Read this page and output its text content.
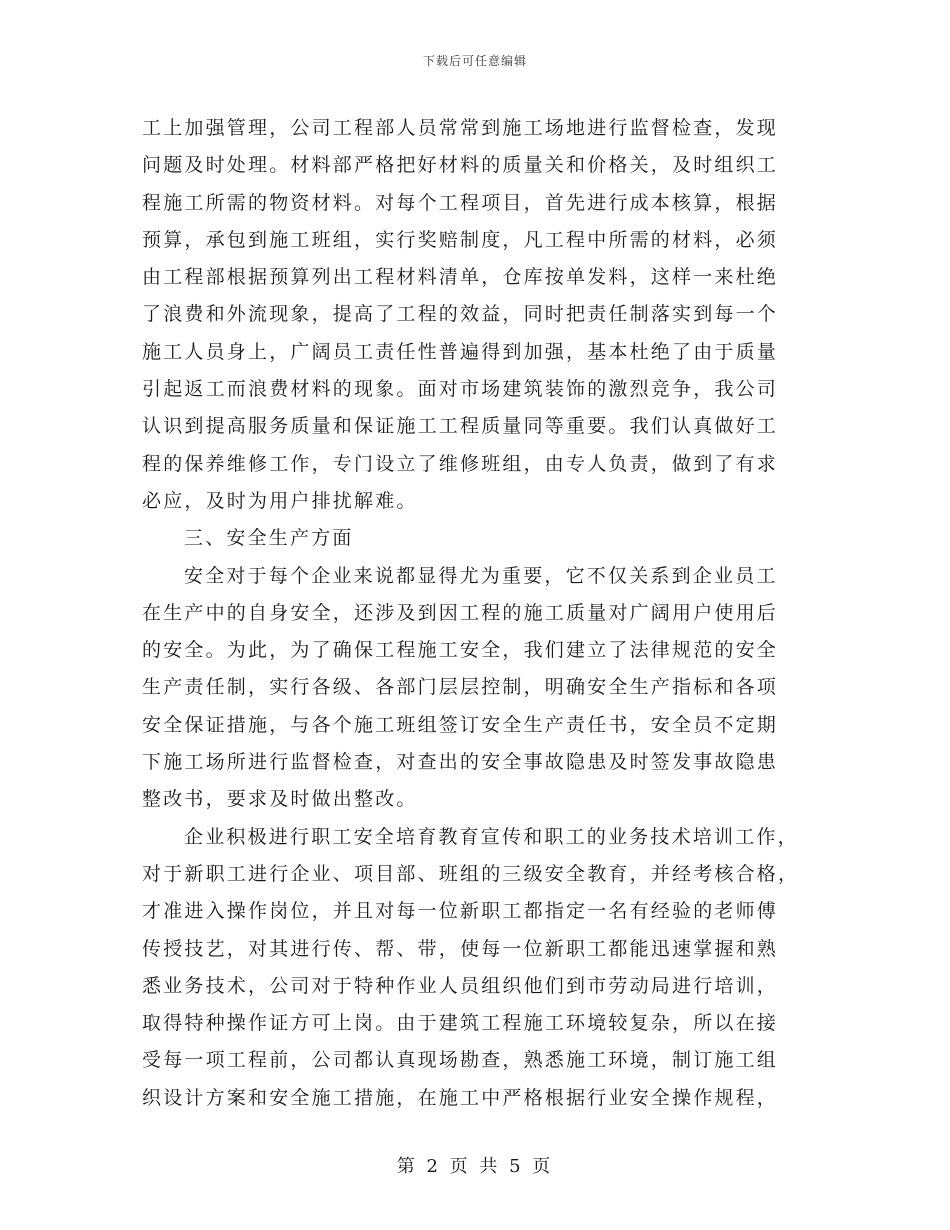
下载后可任意编辑
工上加强管理，公司工程部人员常常到施工场地进行监督检查，发现
问题及时处理。材料部严格把好材料的质量关和价格关，及时组织工
程施工所需的物资材料。对每个工程项目，首先进行成本核算，根据
预算，承包到施工班组，实行奖赔制度，凡工程中所需的材料，必须
由工程部根据预算列出工程材料清单，仓库按单发料，这样一来杜绝
了浪费和外流现象，提高了工程的效益，同时把责任制落实到每一个
施工人员身上，广阔员工责任性普遍得到加强，基本杜绝了由于质量
引起返工而浪费材料的现象。面对市场建筑装饰的激烈竞争，我公司
认识到提高服务质量和保证施工工程质量同等重要。我们认真做好工
程的保养维修工作，专门设立了维修班组，由专人负责，做到了有求
必应，及时为用户排扰解难。
三、安全生产方面
安全对于每个企业来说都显得尤为重要，它不仅关系到企业员工
在生产中的自身安全，还涉及到因工程的施工质量对广阔用户使用后
的安全。为此，为了确保工程施工安全，我们建立了法律规范的安全
生产责任制，实行各级、各部门层层控制，明确安全生产指标和各项
安全保证措施，与各个施工班组签订安全生产责任书，安全员不定期
下施工场所进行监督检查，对查出的安全事故隐患及时签发事故隐患
整改书，要求及时做出整改。
企业积极进行职工安全培育教育宣传和职工的业务技术培训工作，
对于新职工进行企业、项目部、班组的三级安全教育，并经考核合格，
才准进入操作岗位，并且对每一位新职工都指定一名有经验的老师傅
传授技艺，对其进行传、帮、带，使每一位新职工都能迅速掌握和熟
悉业务技术，公司对于特种作业人员组织他们到市劳动局进行培训，
取得特种操作证方可上岗。由于建筑工程施工环境较复杂，所以在接
受每一项工程前，公司都认真现场勘查，熟悉施工环境，制订施工组
织设计方案和安全施工措施，在施工中严格根据行业安全操作规程，
第 2 页 共 5 页
